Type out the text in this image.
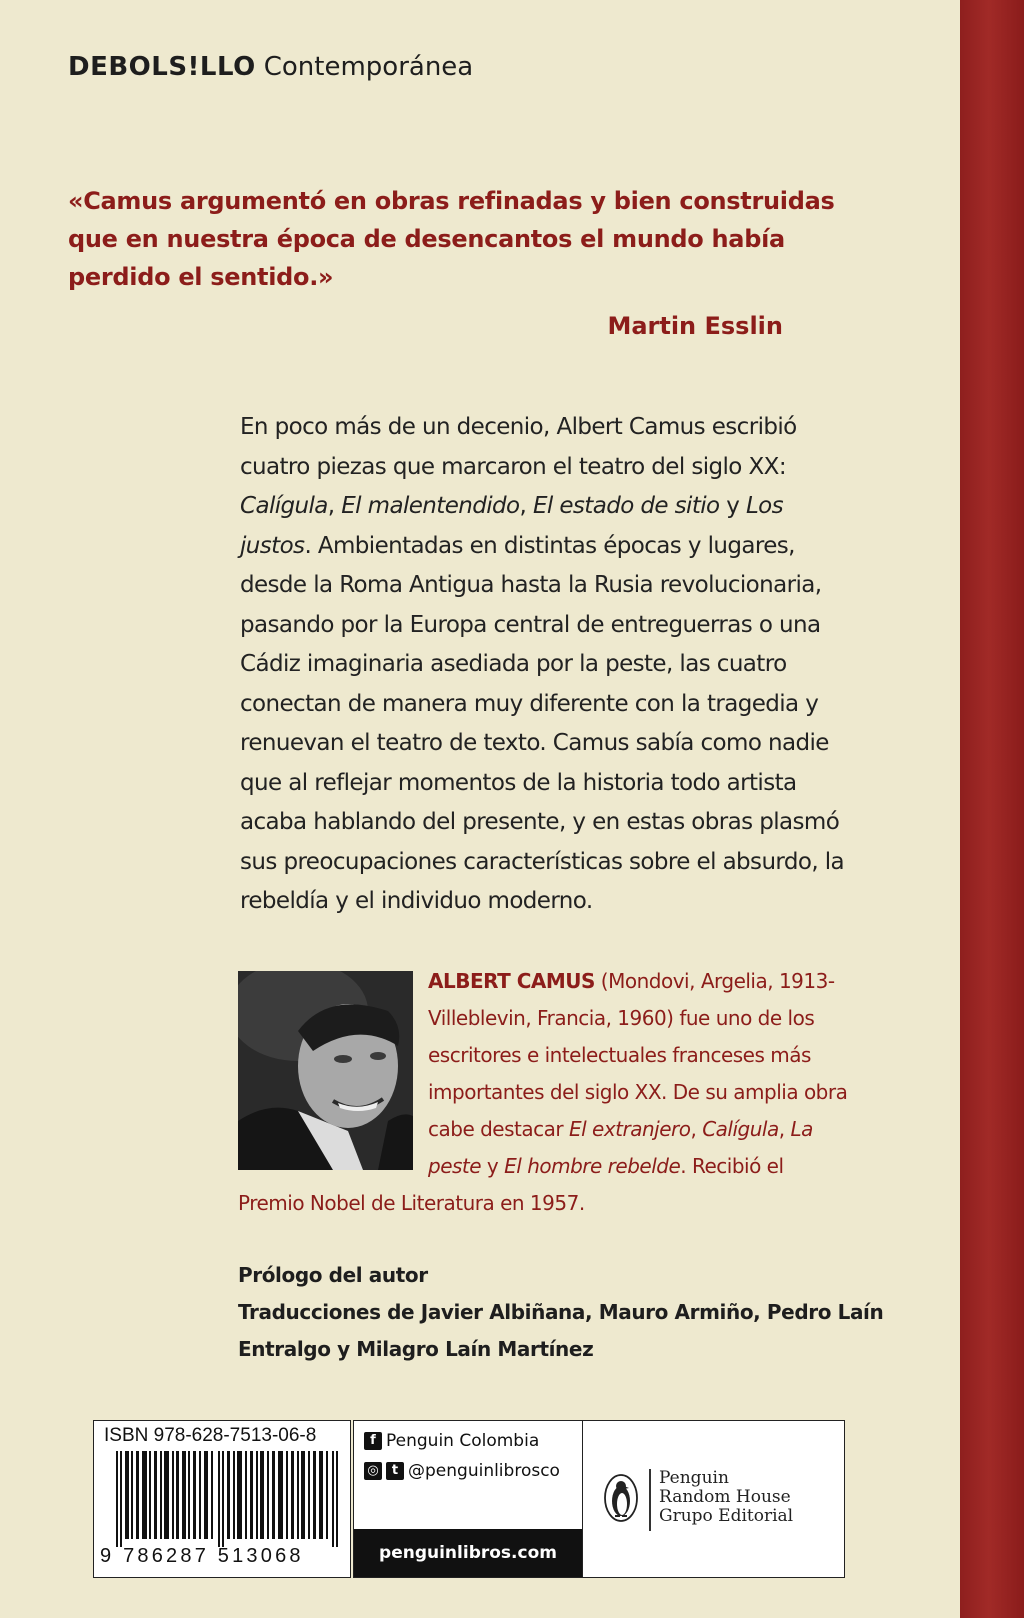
DEBOLS!LLO Contemporánea
«Camus argumentó en obras refinadas y bien construidas que en nuestra época de desencantos el mundo había perdido el sentido.»
Martin Esslin

En poco más de un decenio, Albert Camus escribió cuatro piezas que marcaron el teatro del siglo XX: Calígula, El malentendido, El estado de sitio y Los justos. Ambientadas en distintas épocas y lugares, desde la Roma Antigua hasta la Rusia revolucionaria, pasando por la Europa central de entreguerras o una Cádiz imaginaria asediada por la peste, las cuatro conectan de manera muy diferente con la tragedia y renuevan el teatro de texto. Camus sabía como nadie que al reflejar momentos de la historia todo artista acaba hablando del presente, y en estas obras plasmó sus preocupaciones características sobre el absurdo, la rebeldía y el individuo moderno.

ALBERT CAMUS (Mondovi, Argelia, 1913-Villeblevin, Francia, 1960) fue uno de los escritores e intelectuales franceses más importantes del siglo XX. De su amplia obra cabe destacar El extranjero, Calígula, La peste y El hombre rebelde. Recibió el Premio Nobel de Literatura en 1957.
Prólogo del autor
Traducciones de Javier Albiñana, Mauro Armiño, Pedro Laín
Entralgo y Milagro Laín Martínez
ISBN 978-628-7513-06-8
9 786287 513068
f Penguin Colombia
◎	t @penguinlibrosco
penguinlibros.com
Penguin
Random House
Grupo Editorial
